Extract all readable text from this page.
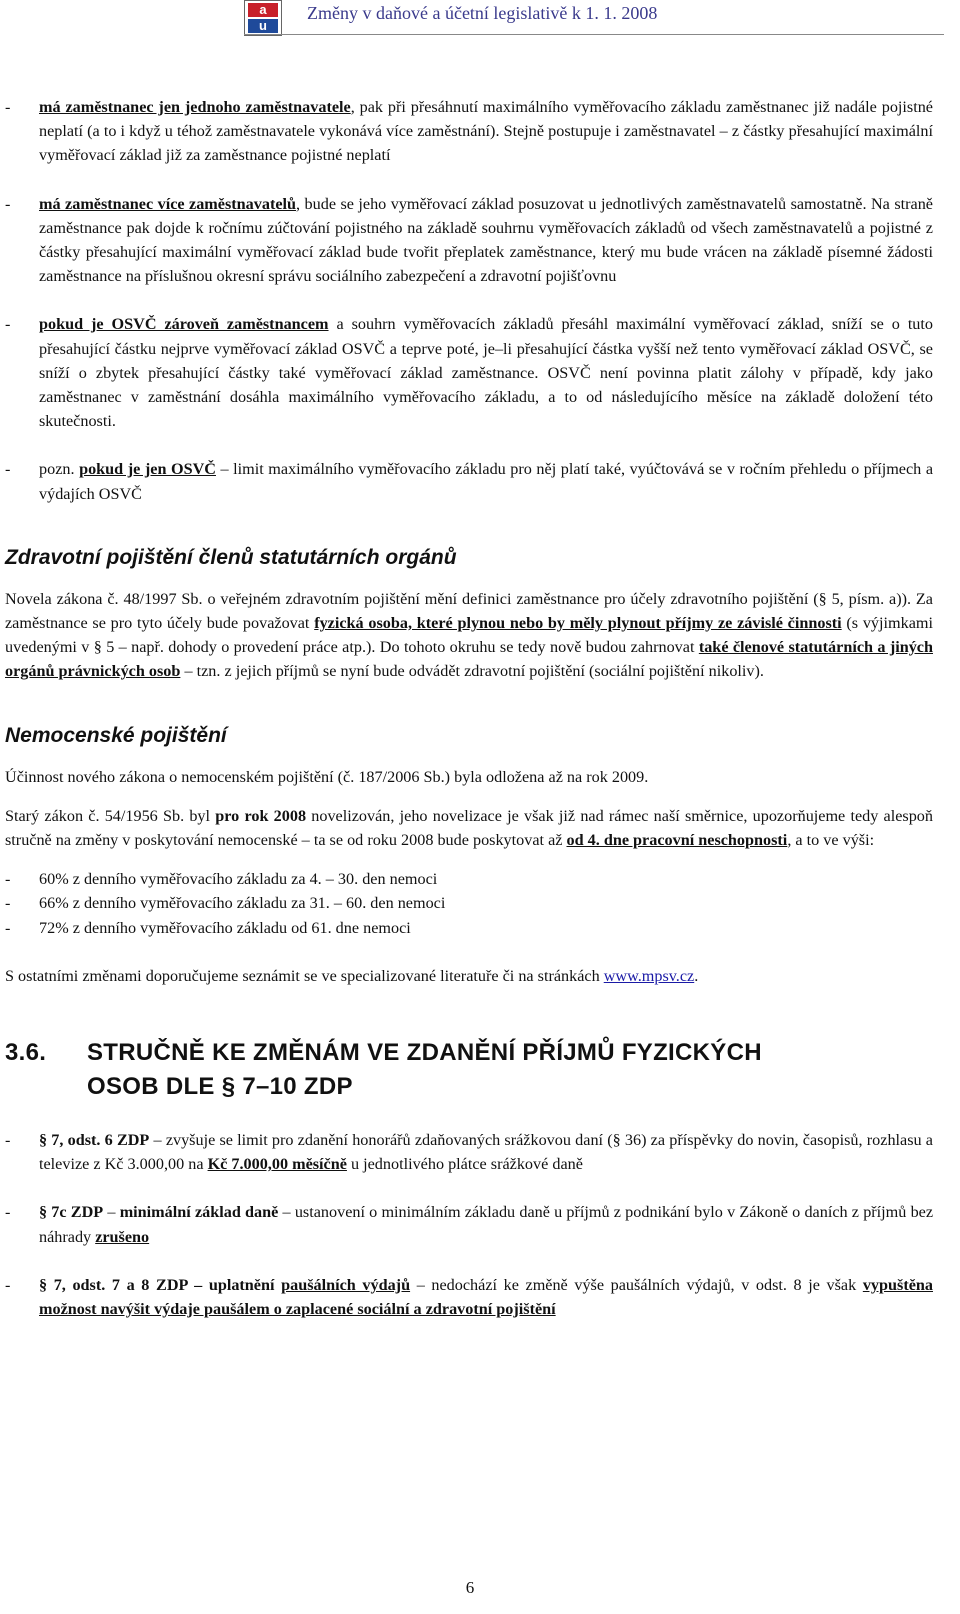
a
u
Změny v daňové a účetní legislativě k 1. 1. 2008
- má zaměstnanec jen jednoho zaměstnavatele, pak při přesáhnutí maximálního vyměřovacího základu zaměstnanec již nadále pojistné neplatí (a to i když u téhož zaměstnavatele vykonává více zaměstnání). Stejně postupuje i zaměstnavatel – z částky přesahující maximální vyměřovací základ již za zaměstnance pojistné neplatí
- má zaměstnanec více zaměstnavatelů, bude se jeho vyměřovací základ posuzovat u jednotlivých zaměstnavatelů samostatně. Na straně zaměstnance pak dojde k ročnímu zúčtování pojistného na základě souhrnu vyměřovacích základů od všech zaměstnavatelů a pojistné z částky přesahující maximální vyměřovací základ bude tvořit přeplatek zaměstnance, který mu bude vrácen na základě písemné žádosti zaměstnance na příslušnou okresní správu sociálního zabezpečení a zdravotní pojišťovnu
- pokud je OSVČ zároveň zaměstnancem a souhrn vyměřovacích základů přesáhl maximální vyměřovací základ, sníží se o tuto přesahující částku nejprve vyměřovací základ OSVČ a teprve poté, je–li přesahující částka vyšší než tento vyměřovací základ OSVČ, se sníží o zbytek přesahující částky také vyměřovací základ zaměstnance. OSVČ není povinna platit zálohy v případě, kdy jako zaměstnanec v zaměstnání dosáhla maximálního vyměřovacího základu, a to od následujícího měsíce na základě doložení této skutečnosti.
- pozn. pokud je jen OSVČ – limit maximálního vyměřovacího základu pro něj platí také, vyúčtovává se v ročním přehledu o příjmech a výdajích OSVČ
Zdravotní pojištění členů statutárních orgánů
Novela zákona č. 48/1997 Sb. o veřejném zdravotním pojištění mění definici zaměstnance pro účely zdravotního pojištění (§ 5, písm. a)). Za zaměstnance se pro tyto účely bude považovat fyzická osoba, které plynou nebo by měly plynout příjmy ze závislé činnosti (s výjimkami uvedenými v § 5 – např. dohody o provedení práce atp.). Do tohoto okruhu se tedy nově budou zahrnovat také členové statutárních a jiných orgánů právnických osob – tzn. z jejich příjmů se nyní bude odvádět zdravotní pojištění (sociální pojištění nikoliv).
Nemocenské pojištění
Účinnost nového zákona o nemocenském pojištění (č. 187/2006 Sb.) byla odložena až na rok 2009.
Starý zákon č. 54/1956 Sb. byl pro rok 2008 novelizován, jeho novelizace je však již nad rámec naší směrnice, upozorňujeme tedy alespoň stručně na změny v poskytování nemocenské – ta se od roku 2008 bude poskytovat až od 4. dne pracovní neschopnosti, a to ve výši:
- 60% z denního vyměřovacího základu za 4. – 30. den nemoci
- 66% z denního vyměřovacího základu za 31. – 60. den nemoci
- 72% z denního vyměřovacího základu od 61. dne nemoci
S ostatními změnami doporučujeme seznámit se ve specializované literatuře či na stránkách www.mpsv.cz.
3.6. STRUČNĚ KE ZMĚNÁM VE ZDANĚNÍ PŘÍJMŮ FYZICKÝCH
OSOB DLE § 7–10 ZDP
- § 7, odst. 6 ZDP – zvyšuje se limit pro zdanění honorářů zdaňovaných srážkovou daní (§ 36) za příspěvky do novin, časopisů, rozhlasu a televize z Kč 3.000,00 na Kč 7.000,00 měsíčně u jednotlivého plátce srážkové daně
- § 7c ZDP – minimální základ daně – ustanovení o minimálním základu daně u příjmů z podnikání bylo v Zákoně o daních z příjmů bez náhrady zrušeno
- § 7, odst. 7 a 8 ZDP – uplatnění paušálních výdajů – nedochází ke změně výše paušálních výdajů, v odst. 8 je však vypuštěna možnost navýšit výdaje paušálem o zaplacené sociální a zdravotní pojištění
6
